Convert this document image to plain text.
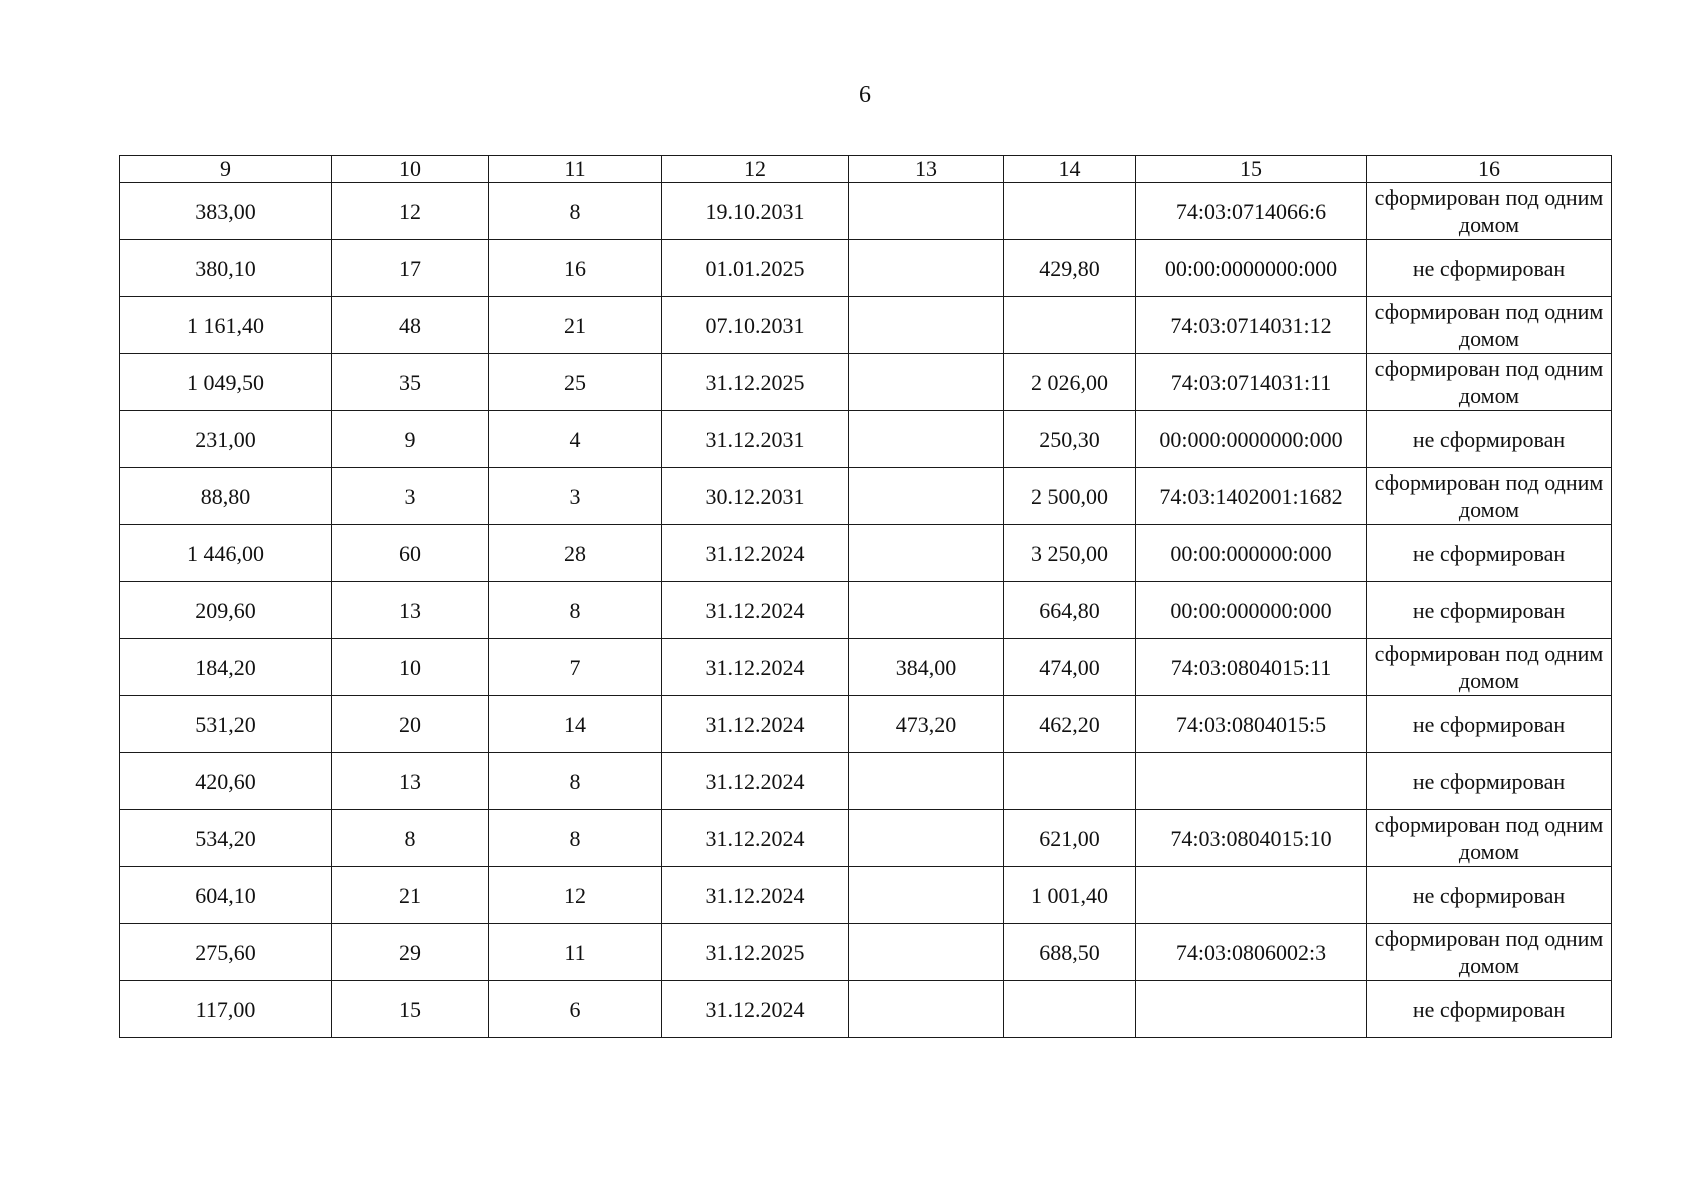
6
9	10	11	12	13	14	15	16
383,00	12	8	19.10.2031			74:03:0714066:6	сформирован под одним домом
380,10	17	16	01.01.2025		429,80	00:00:0000000:000	не сформирован
1 161,40	48	21	07.10.2031			74:03:0714031:12	сформирован под одним домом
1 049,50	35	25	31.12.2025		2 026,00	74:03:0714031:11	сформирован под одним домом
231,00	9	4	31.12.2031		250,30	00:000:0000000:000	не сформирован
88,80	3	3	30.12.2031		2 500,00	74:03:1402001:1682	сформирован под одним домом
1 446,00	60	28	31.12.2024		3 250,00	00:00:000000:000	не сформирован
209,60	13	8	31.12.2024		664,80	00:00:000000:000	не сформирован
184,20	10	7	31.12.2024	384,00	474,00	74:03:0804015:11	сформирован под одним домом
531,20	20	14	31.12.2024	473,20	462,20	74:03:0804015:5	не сформирован
420,60	13	8	31.12.2024				не сформирован
534,20	8	8	31.12.2024		621,00	74:03:0804015:10	сформирован под одним домом
604,10	21	12	31.12.2024		1 001,40		не сформирован
275,60	29	11	31.12.2025		688,50	74:03:0806002:3	сформирован под одним домом
117,00	15	6	31.12.2024				не сформирован
